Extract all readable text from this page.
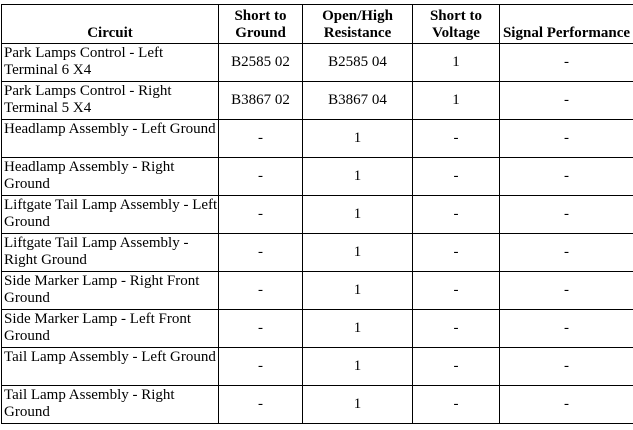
Circuit	Short to Ground	Open/High Resistance	Short to Voltage	Signal Performance
Park Lamps Control - Left Terminal 6 X4	B2585 02	B2585 04	1	-
Park Lamps Control - Right Terminal 5 X4	B3867 02	B3867 04	1	-
Headlamp Assembly - Left Ground	-	1	-	-
Headlamp Assembly - Right Ground	-	1	-	-
Liftgate Tail Lamp Assembly - Left Ground	-	1	-	-
Liftgate Tail Lamp Assembly - Right Ground	-	1	-	-
Side Marker Lamp - Right Front Ground	-	1	-	-
Side Marker Lamp - Left Front Ground	-	1	-	-
Tail Lamp Assembly - Left Ground	-	1	-	-
Tail Lamp Assembly - Right Ground	-	1	-	-
